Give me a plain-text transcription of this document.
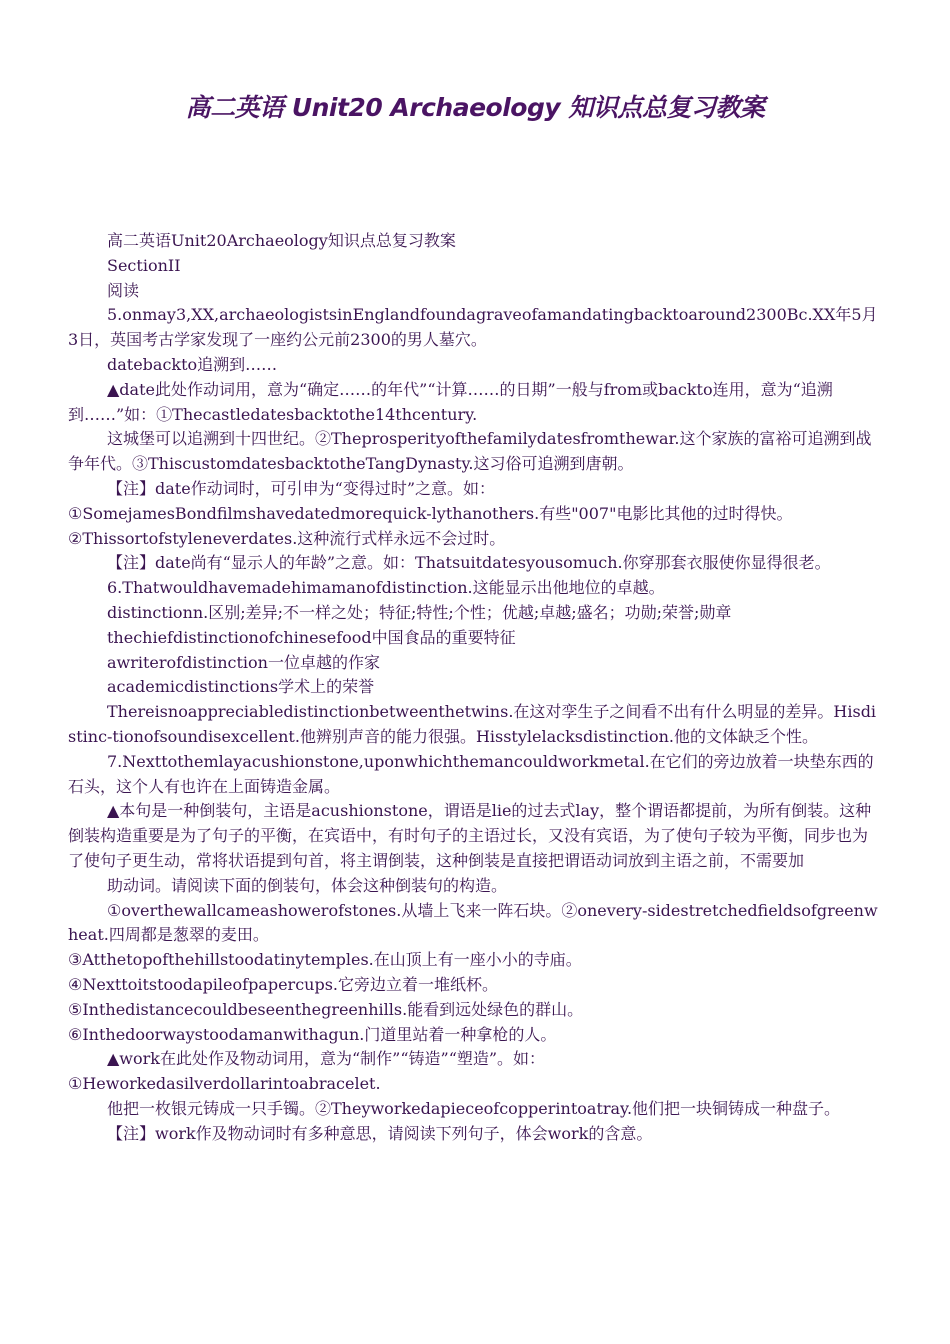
高二英语 Unit20 Archaeology 知识点总复习教案

高二英语Unit20Archaeology知识点总复习教案

SectionII

阅读

5.onmay3,XX,archaeologistsinEnglandfoundagraveofamandatingbacktoaround2300Bc.XX年5月3日，英国考古学家发现了一座约公元前2300的男人墓穴。

datebackto追溯到……

▲date此处作动词用，意为“确定……的年代”“计算……的日期”一般与from或backto连用，意为“追溯到……”如：①Thecastledatesbacktothe14thcentury.

这城堡可以追溯到十四世纪。②Theprosperityofthefamilydatesfromthewar.这个家族的富裕可追溯到战争年代。③ThiscustomdatesbacktotheTangDynasty.这习俗可追溯到唐朝。

【注】date作动词时，可引申为“变得过时”之意。如：

①SomejamesBondfilmshavedatedmorequick-lythanothers.有些"007"电影比其他的过时得快。

②Thissortofstyleneverdates.这种流行式样永远不会过时。

【注】date尚有“显示人的年龄”之意。如：Thatsuitdatesyousomuch.你穿那套衣服使你显得很老。

6.Thatwouldhavemadehimamanofdistinction.这能显示出他地位的卓越。

distinctionn.区别;差异;不一样之处；特征;特性;个性；优越;卓越;盛名；功勋;荣誉;勋章

thechiefdistinctionofchinesefood中国食品的重要特征

awriterofdistinction一位卓越的作家

academicdistinctions学术上的荣誉

Thereisnoappreciabledistinctionbetweenthetwins.在这对孪生子之间看不出有什么明显的差异。Hisdistinc-tionofsoundisexcellent.他辨别声音的能力很强。Hisstylelacksdistinction.他的文体缺乏个性。

7.Nexttothemlayacushionstone,uponwhichthemancouldworkmetal.在它们的旁边放着一块垫东西的石头，这个人有也许在上面铸造金属。

▲本句是一种倒装句，主语是acushionstone，谓语是lie的过去式lay，整个谓语都提前，为所有倒装。这种倒装构造重要是为了句子的平衡，在宾语中，有时句子的主语过长，又没有宾语，为了使句子较为平衡，同步也为了使句子更生动，常将状语提到句首，将主谓倒装，这种倒装是直接把谓语动词放到主语之前，不需要加

助动词。请阅读下面的倒装句，体会这种倒装句的构造。

①overthewallcameashowerofstones.从墙上飞来一阵石块。②onevery-sidestretchedfieldsofgreenwheat.四周都是葱翠的麦田。

③Atthetopofthehillstoodatinytemples.在山顶上有一座小小的寺庙。

④Nexttoitstoodapileofpapercups.它旁边立着一堆纸杯。

⑤Inthedistancecouldbeseenthegreenhills.能看到远处绿色的群山。

⑥Inthedoorwaystoodamanwithagun.门道里站着一种拿枪的人。

▲work在此处作及物动词用，意为“制作”“铸造”“塑造”。如：

①Heworkedasilverdollarintoabracelet.

他把一枚银元铸成一只手镯。②Theyworkedapieceofcopperintoatray.他们把一块铜铸成一种盘子。

【注】work作及物动词时有多种意思，请阅读下列句子，体会work的含意。
